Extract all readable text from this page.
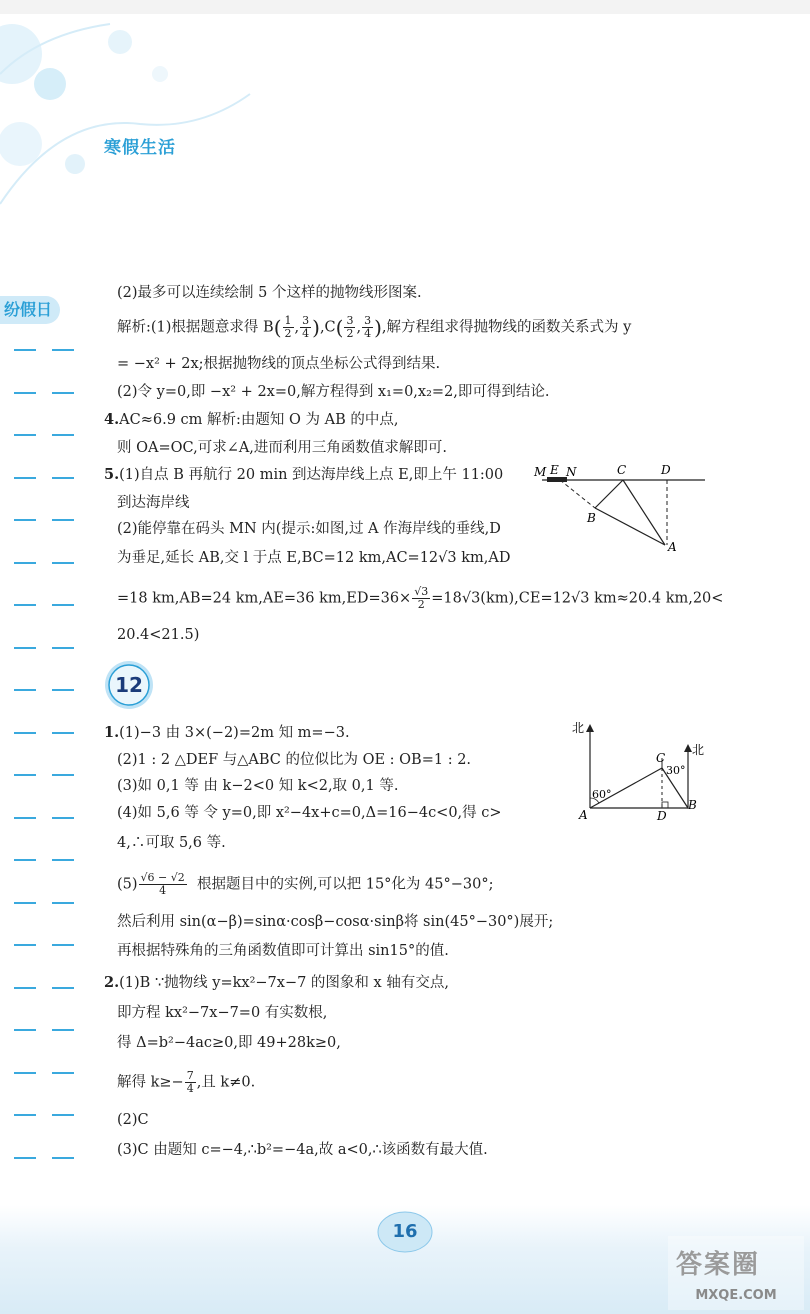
寒假生活
纷假日
(2)最多可以连续绘制 5 个这样的抛物线形图案.
解析:(1)根据题意求得 $B( \frac{1}{2}$ , $\frac{3}{4} ),C( \frac{3}{2}$ , $\frac{3}{4}$ ),解方程组求得抛物线的函数关系式为 y
= −x² + 2x;根据抛物线的顶点坐标公式得到结果.
(2)令 y=0,即 −x² + 2x=0,解方程得到 x₁=0,x₂=2,即可得到结论.
4.AC≈6.9 cm 解析:由题知 O 为 AB 的中点,
则 OA=OC,可求∠A,进而利用三角函数值求解即可.
5.(1)自点 B 再航行 20 min 到达海岸线上点 E,即上午 11:00
到达海岸线
(2)能停靠在码头 MN 内(提示:如图,过 A 作海岸线的垂线,D
为垂足,延长 AB,交 l 于点 E,BC=12 km,AC=12√3 km,AD
=18 km,AB=24 km,AE=36 $km,ED=36\times \frac{√3}{2} =18√3(km),CE=12√3$ km≈20.4 km,20<
20.4<21.5)
M E N	C	D
B
A
12
1.(1)−3 由 3×(−2)=2m 知 m=−3.
(2)1 : 2 △DEF 与△ABC 的位似比为 OE : OB=1 : 2.
(3)如 0,1 等 由 k−2<0 知 k<2,取 0,1 等.
(4)如 5,6 等 令 y=0,即 x²−4x+c=0,Δ=16−4c<0,得 c>
4,∴可取 5,6 等.
$(5) \frac{√6 - √2}{4}$ 根据题目中的实例,可以把 15°化为 45°−30°;
然后利用 sin(α−β)=sinα·cosβ−cosα·sinβ将 sin(45°−30°)展开;
再根据特殊角的三角函数值即可计算出 sin15°的值.
北
北
C
30°
60°
A	D
B
2.(1)B ∵抛物线 y=kx²−7x−7 的图象和 x 轴有交点,
即方程 kx²−7x−7=0 有实数根,
得 Δ=b²−4ac≥0,即 49+28k≥0,
解得 $k\ge- \frac{7}{4}$ ,且 k≠0.
(2)C
(3)C 由题知 c=−4,∴b²=−4a,故 a<0,∴该函数有最大值.
16
答案圈
MXQE.COM
